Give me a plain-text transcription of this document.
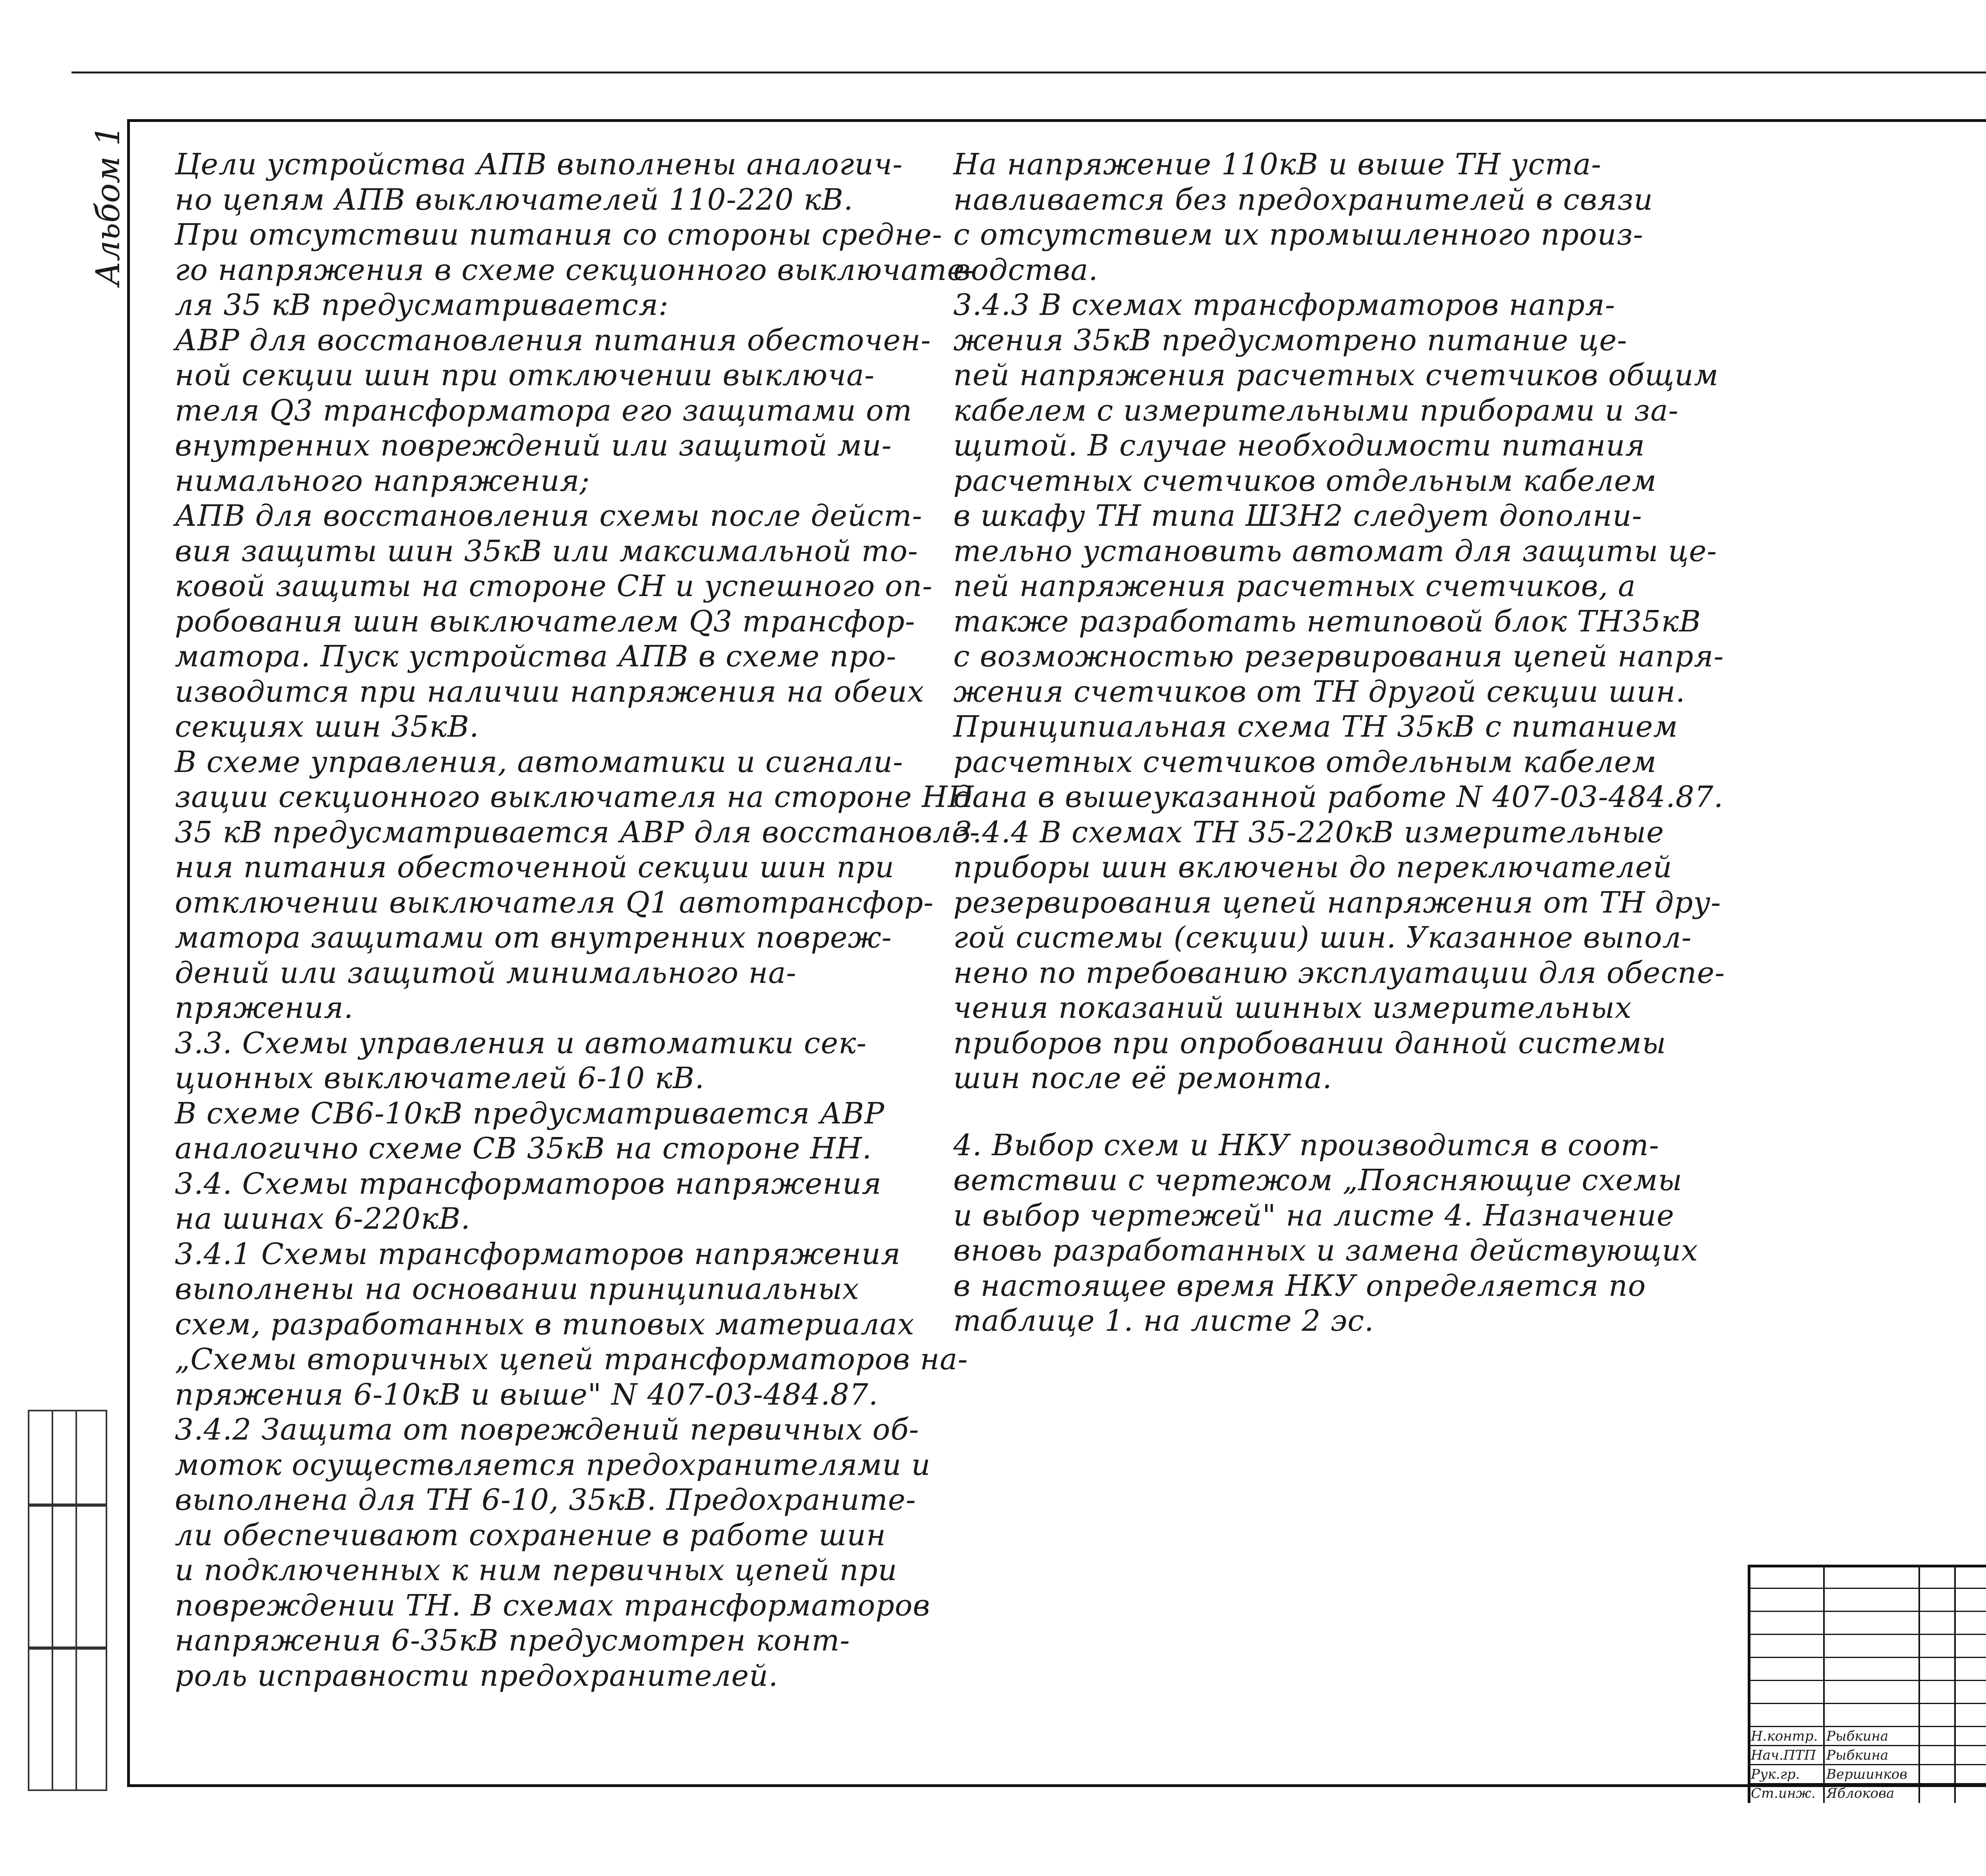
Альбом 1 Цели устройства АПВ выполнены аналогич-

но цепям АПВ выключателей 110-220 кВ.

При отсутствии питания со стороны средне-

го напряжения в схеме секционного выключате-

ля 35 кВ предусматривается:

АВР для восстановления питания обесточен-

ной секции шин при отключении выключа-

теля Q3 трансформатора его защитами от

внутренних повреждений или защитой ми-

нимального напряжения;

АПВ для восстановления схемы после дейст-

вия защиты шин 35кВ или максимальной то-

ковой защиты на стороне СН и успешного оп-

робования шин выключателем Q3 трансфор-

матора. Пуск устройства АПВ в схеме про-

изводится при наличии напряжения на обеих

секциях шин 35кВ.

В схеме управления, автоматики и сигнали-

зации секционного выключателя на стороне НН

35 кВ предусматривается АВР для восстановле-

ния питания обесточенной секции шин при

отключении выключателя Q1 автотрансфор-

матора защитами от внутренних повреж-

дений или защитой минимального на-

пряжения.

3.3. Схемы управления и автоматики сек-

ционных выключателей 6-10 кВ.

В схеме СВ6-10кВ предусматривается АВР

аналогично схеме СВ 35кВ на стороне НН.

3.4. Схемы трансформаторов напряжения

на шинах 6-220кВ.

3.4.1 Схемы трансформаторов напряжения

выполнены на основании принципиальных

схем, разработанных в типовых материалах

„Схемы вторичных цепей трансформаторов на-

пряжения 6-10кВ и выше" N 407-03-484.87.

3.4.2 Защита от повреждений первичных об-

моток осуществляется предохранителями и

выполнена для ТН 6-10, 35кВ. Предохраните-

ли обеспечивают сохранение в работе шин

и подключенных к ним первичных цепей при

повреждении ТН. В схемах трансформаторов

напряжения 6-35кВ предусмотрен конт-

роль исправности предохранителей.

На напряжение 110кВ и выше ТН уста-

навливается без предохранителей в связи

с отсутствием их промышленного произ-

водства.

3.4.3 В схемах трансформаторов напря-

жения 35кВ предусмотрено питание це-

пей напряжения расчетных счетчиков общим

кабелем с измерительными приборами и за-

щитой. В случае необходимости питания

расчетных счетчиков отдельным кабелем

в шкафу ТН типа ШЗН2 следует дополни-

тельно установить автомат для защиты це-

пей напряжения расчетных счетчиков, а

также разработать нетиповой блок ТН35кВ

с возможностью резервирования цепей напря-

жения счетчиков от ТН другой секции шин.

Принципиальная схема ТН 35кВ с питанием

расчетных счетчиков отдельным кабелем

дана в вышеуказанной работе N 407-03-484.87.

3.4.4 В схемах ТН 35-220кВ измерительные

приборы шин включены до переключателей

резервирования цепей напряжения от ТН дру-

гой системы (секции) шин. Указанное выпол-

нено по требованию эксплуатации для обеспе-

чения показаний шинных измерительных

приборов при опробовании данной системы

шин после её ремонта.

4. Выбор схем и НКУ производится в соот-

ветствии с чертежом „Поясняющие схемы

и выбор чертежей" на листе 4. Назначение

вновь разработанных и замена действующих

в настоящее время НКУ определяется по

таблице 1. на листе 2 эс.

Н.контр. Рыбкина
Нач.ПТП Рыбкина
Рук.гр. Вершинков
Ст.инж. Яблокова
